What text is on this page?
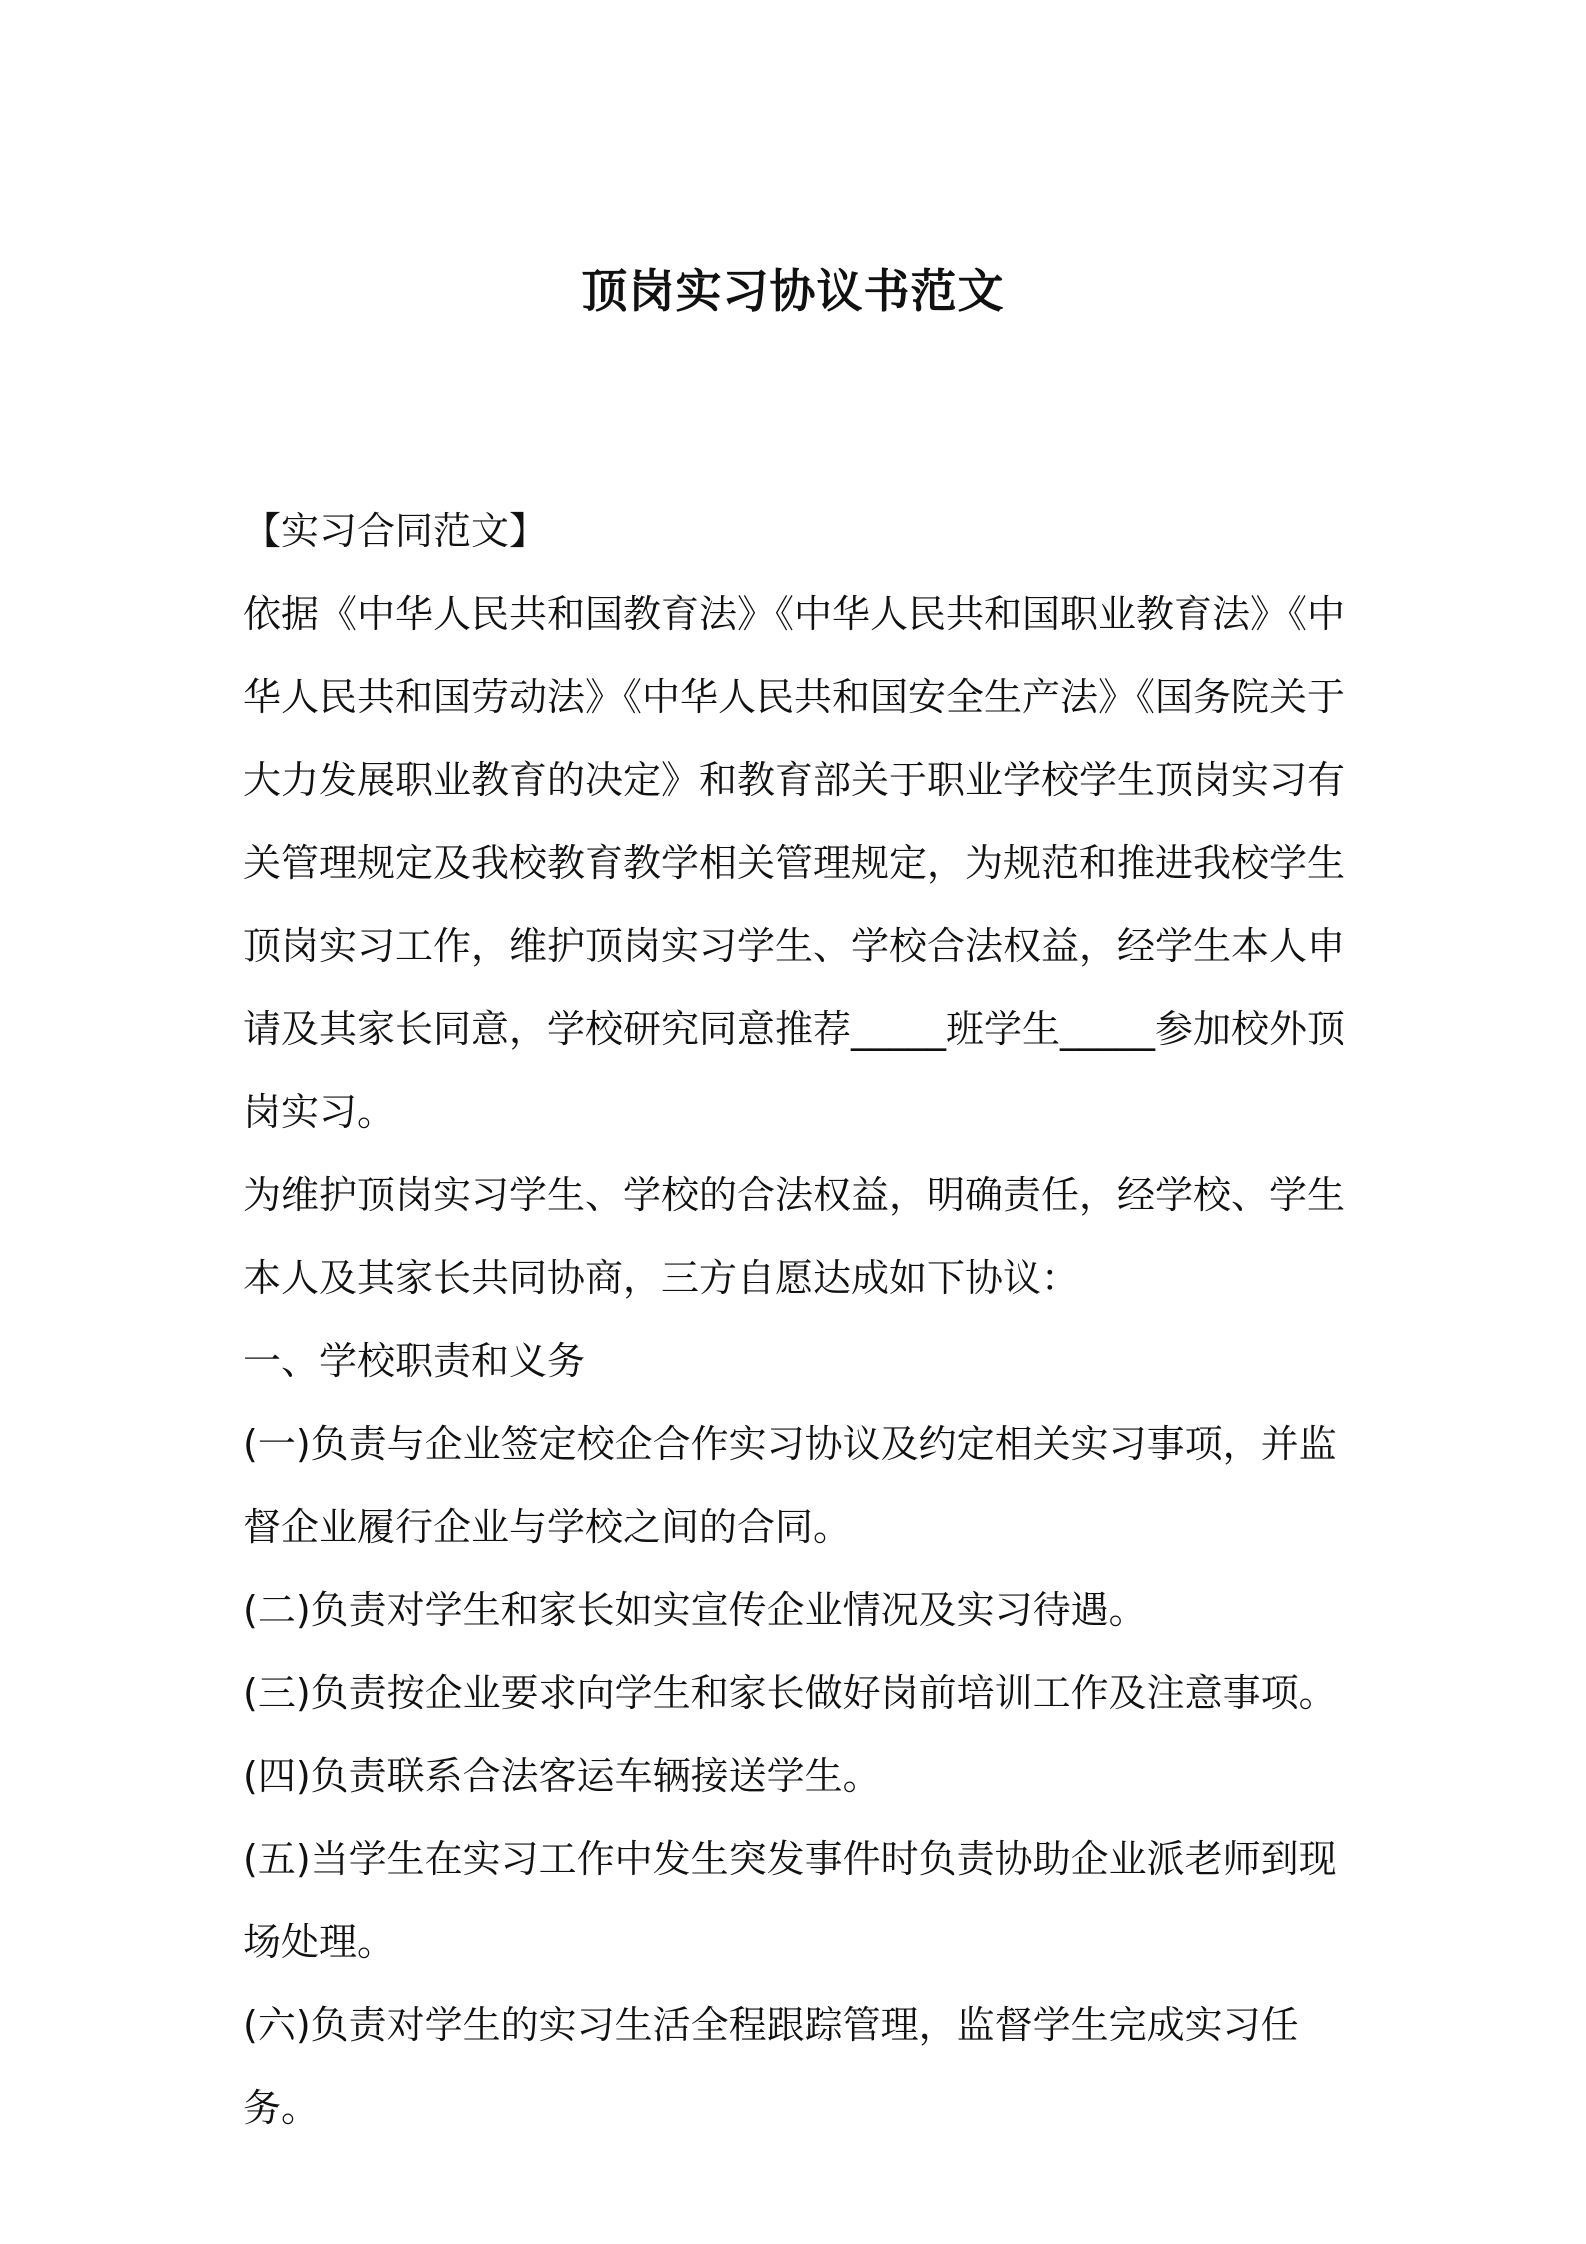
顶岗实习协议书范文

【实习合同范文】

依据《中华人民共和国教育法》《中华人民共和国职业教育法》《中华人民共和国劳动法》《中华人民共和国安全生产法》《国务院关于大力发展职业教育的决定》和教育部关于职业学校学生顶岗实习有关管理规定及我校教育教学相关管理规定，为规范和推进我校学生顶岗实习工作，维护顶岗实习学生、学校合法权益，经学生本人申请及其家长同意，学校研究同意推荐_____班学生_____参加校外顶岗实习。

为维护顶岗实习学生、学校的合法权益，明确责任，经学校、学生本人及其家长共同协商，三方自愿达成如下协议：

一、学校职责和义务

(一)负责与企业签定校企合作实习协议及约定相关实习事项，并监督企业履行企业与学校之间的合同。

(二)负责对学生和家长如实宣传企业情况及实习待遇。

(三)负责按企业要求向学生和家长做好岗前培训工作及注意事项。

(四)负责联系合法客运车辆接送学生。

(五)当学生在实习工作中发生突发事件时负责协助企业派老师到现场处理。

(六)负责对学生的实习生活全程跟踪管理，监督学生完成实习任务。
